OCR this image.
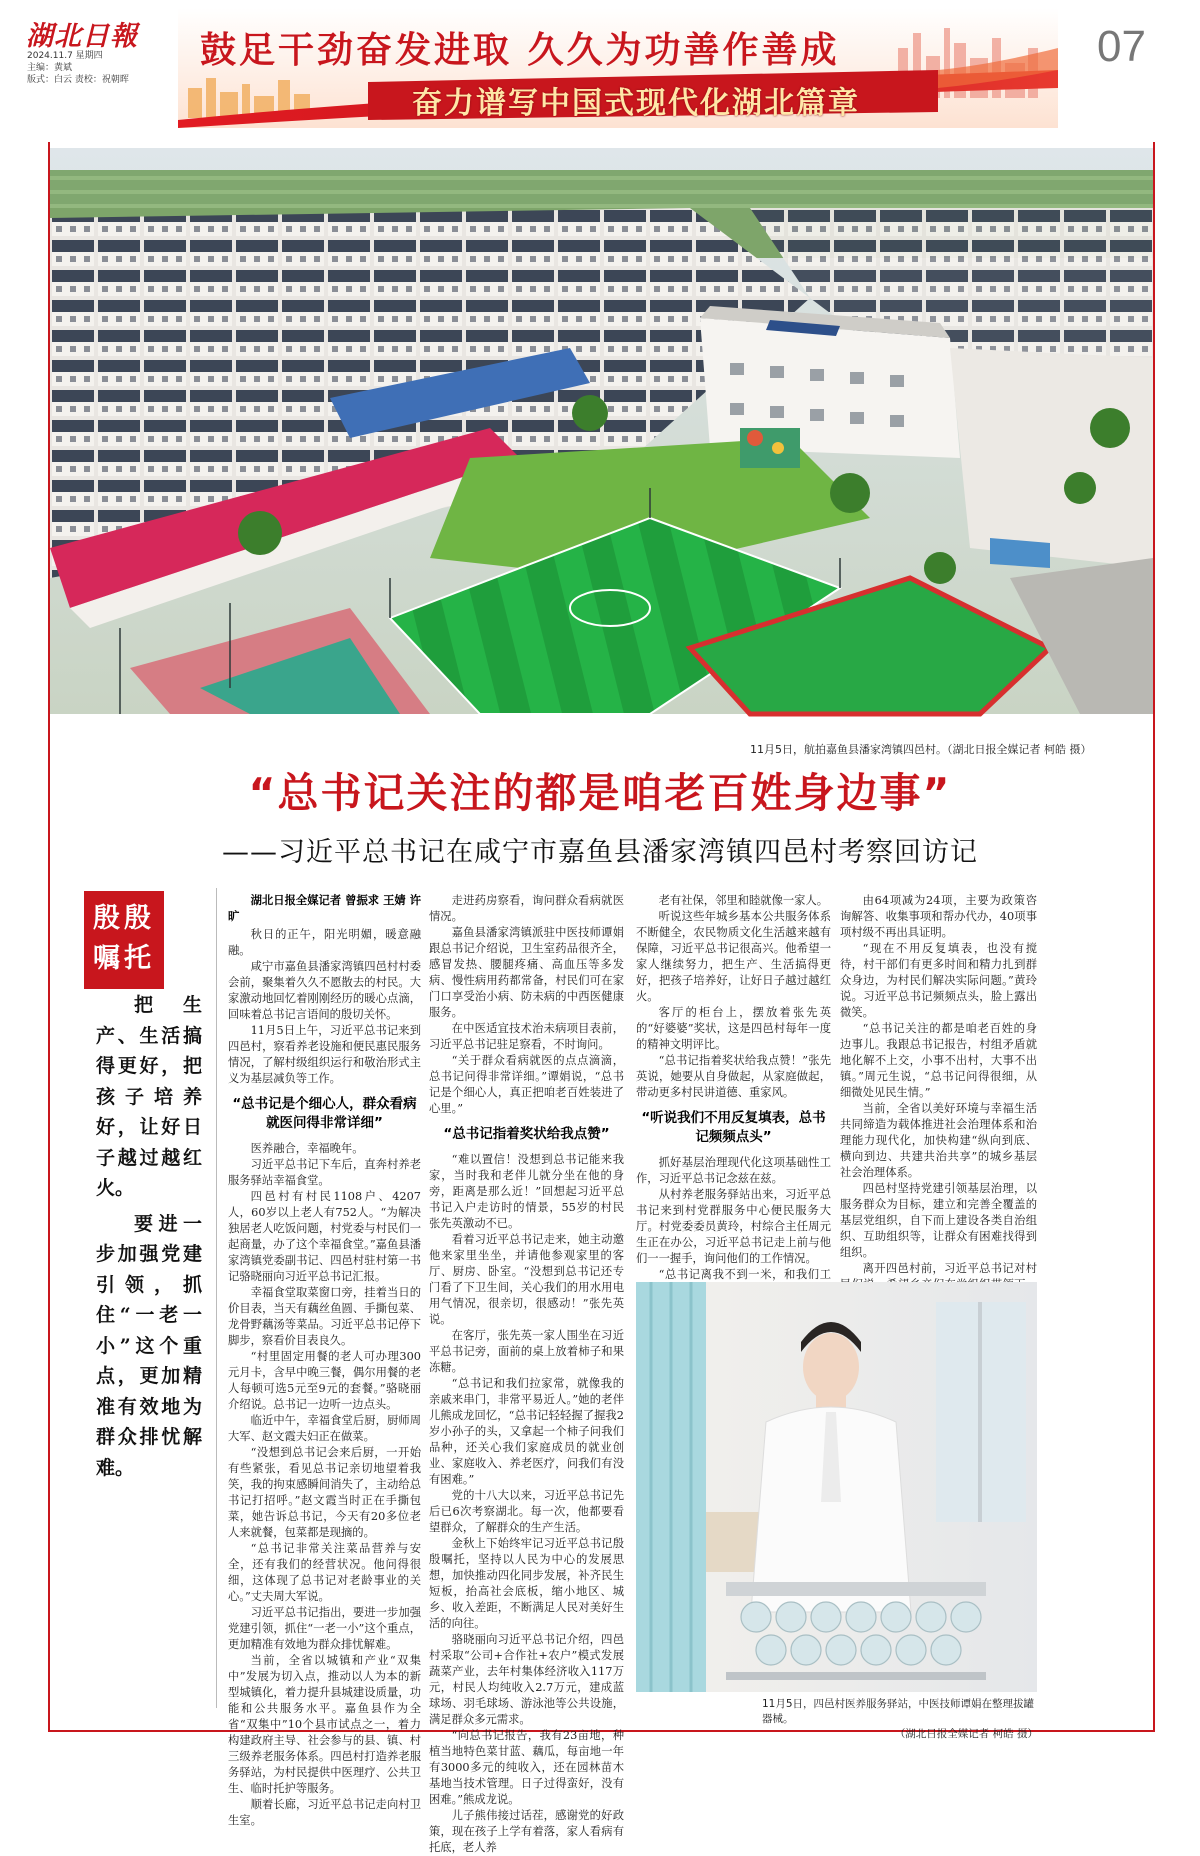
湖北日報
2024.11.7 星期四
主编：黄斌
版式：白云 责校：祝朝晖
鼓足干劲奋发进取 久久为功善作善成
奋力谱写中国式现代化湖北篇章
07
11月5日，航拍嘉鱼县潘家湾镇四邑村。（湖北日报全媒记者 柯皓 摄）
“总书记关注的都是咱老百姓身边事”
——习近平总书记在咸宁市嘉鱼县潘家湾镇四邑村考察回访记
殷殷嘱托

把生产、生活搞得更好，把孩子培养好，让好日子越过越红火。

要进一步加强党建引领，抓住“一老一小”这个重点，更加精准有效地为群众排忧解难。

湖北日报全媒记者 曾振求 王婧 许旷

秋日的正午，阳光明媚，暖意融融。

咸宁市嘉鱼县潘家湾镇四邑村村委会前，聚集着久久不愿散去的村民。大家激动地回忆着刚刚经历的暖心点滴，回味着总书记言语间的殷切关怀。

11月5日上午，习近平总书记来到四邑村，察看养老设施和便民惠民服务情况，了解村级组织运行和敬治形式主义为基层减负等工作。

“总书记是个细心人，群众看病就医问得非常详细”

医养融合，幸福晚年。

习近平总书记下车后，直奔村养老服务驿站幸福食堂。

四邑村有村民1108户、4207人，60岁以上老人有752人。“为解决独居老人吃饭问题，村党委与村民们一起商量，办了这个幸福食堂。”嘉鱼县潘家湾镇党委副书记、四邑村驻村第一书记骆晓丽向习近平总书记汇报。

幸福食堂取菜窗口旁，挂着当日的价目表，当天有藕丝鱼圆、手撕包菜、龙骨野藕汤等菜品。习近平总书记停下脚步，察看价目表良久。

“村里固定用餐的老人可办理300元月卡，含早中晚三餐，偶尔用餐的老人每顿可选5元至9元的套餐。”骆晓丽介绍说。总书记一边听一边点头。

临近中午，幸福食堂后厨，厨师周大军、赵文霞夫妇正在做菜。

“没想到总书记会来后厨，一开始有些紧张，看见总书记亲切地望着我笑，我的拘束感瞬间消失了，主动给总书记打招呼。”赵文霞当时正在手撕包菜，她告诉总书记，今天有20多位老人来就餐，包菜都是现摘的。

“总书记非常关注菜品营养与安全，还有我们的经营状况。他问得很细，这体现了总书记对老龄事业的关心。”丈夫周大军说。

习近平总书记指出，要进一步加强党建引领，抓住“一老一小”这个重点，更加精准有效地为群众排忧解难。

当前，全省以城镇和产业“双集中”发展为切入点，推动以人为本的新型城镇化，着力提升县城建设质量，功能和公共服务水平。嘉鱼县作为全省“双集中”10个县市试点之一，着力构建政府主导、社会参与的县、镇、村三级养老服务体系。四邑村打造养老服务驿站，为村民提供中医理疗、公共卫生、临时托护等服务。

顺着长廊，习近平总书记走向村卫生室。

走进药房察看，询问群众看病就医情况。

嘉鱼县潘家湾镇派驻中医技师谭娟跟总书记介绍说，卫生室药品很齐全，感冒发热、腰腿疼痛、高血压等多发病、慢性病用药都常备，村民们可在家门口享受治小病、防未病的中西医健康服务。

在中医适宜技术治未病项目表前，习近平总书记驻足察看，不时询问。

“关于群众看病就医的点点滴滴，总书记问得非常详细。”谭娟说，“总书记是个细心人，真正把咱老百姓装进了心里。”

“总书记指着奖状给我点赞”

“难以置信！没想到总书记能来我家，当时我和老伴儿就分坐在他的身旁，距离是那么近！”回想起习近平总书记入户走访时的情景，55岁的村民张先英激动不已。

看着习近平总书记走来，她主动邀他来家里坐坐，并请他参观家里的客厅、厨房、卧室。“没想到总书记还专门看了下卫生间，关心我们的用水用电用气情况，很亲切，很感动！”张先英说。

在客厅，张先英一家人围坐在习近平总书记旁，面前的桌上放着柿子和果冻糖。

“总书记和我们拉家常，就像我的亲戚来串门，非常平易近人。”她的老伴儿熊成龙回忆，“总书记轻轻握了握我2岁小孙子的头，又拿起一个柿子问我们品种，还关心我们家庭成员的就业创业、家庭收入、养老医疗，问我们有没有困难。”

党的十八大以来，习近平总书记先后已6次考察湖北。每一次，他都要看望群众，了解群众的生产生活。

金秋上下始终牢记习近平总书记殷殷嘱托，坚持以人民为中心的发展思想，加快推动四化同步发展，补齐民生短板，抬高社会底板，缩小地区、城乡、收入差距，不断满足人民对美好生活的向往。

骆晓丽向习近平总书记介绍，四邑村采取“公司+合作社+农户”模式发展蔬菜产业，去年村集体经济收入117万元，村民人均纯收入2.7万元，建成蓝球场、羽毛球场、游泳池等公共设施，满足群众多元需求。

“向总书记报告，我有23亩地，种植当地特色菜甘蓝、藕瓜，每亩地一年有3000多元的纯收入，还在园林苗木基地当技术管理。日子过得蛮好，没有困难。”熊成龙说。

儿子熊伟接过话茬，感谢党的好政策，现在孩子上学有着落，家人看病有托底，老人养

老有社保，邻里和睦就像一家人。

听说这些年城乡基本公共服务体系不断健全，农民物质文化生活越来越有保障，习近平总书记很高兴。他希望一家人继续努力，把生产、生活搞得更好，把孩子培养好，让好日子越过越红火。

客厅的柜台上，摆放着张先英的“好婆婆”奖状，这是四邑村每年一度的精神文明评比。

“总书记指着奖状给我点赞！”张先英说，她要从自身做起，从家庭做起，带动更多村民讲道德、重家风。

“听说我们不用反复填表，总书记频频点头”

抓好基层治理现代化这项基础性工作，习近平总书记念兹在兹。

从村养老服务驿站出来，习近平总书记来到村党群服务中心便民服务大厅。村党委委员黄玲，村综合主任周元生正在办公，习近平总书记走上前与他们一一握手，询问他们的工作情况。

“总书记离我不到一米，和我们工

由64项减为24项，主要为政策咨询解答、收集事项和帮办代办，40项事项村级不再出具证明。

“现在不用反复填表，也没有搅待，村干部们有更多时间和精力扎到群众身边，为村民们解决实际问题。”黄玲说。习近平总书记频频点头，脸上露出微笑。

“总书记关注的都是咱老百姓的身边事儿。我跟总书记报告，村组矛盾就地化解不上交，小事不出村，大事不出镇。”周元生说，“总书记问得很细，从细微处见民生情。”

当前，全省以美好环境与幸福生活共同缔造为载体推进社会治理体系和治理能力现代化，加快构建“纵向到底、横向到边、共建共治共享”的城乡基层社会治理体系。

四邑村坚持党建引领基层治理，以服务群众为目标，建立和完善全覆盖的基层党组织，自下而上建设各类自治组织、互助组织等，让群众有困难找得到组织。

离开四邑村前，习近平总书记对村

11月5日，四邑村医养服务驿站，中医技师谭娟在整理拔罐器械。
（湖北日报全媒记者 柯皓 摄）
